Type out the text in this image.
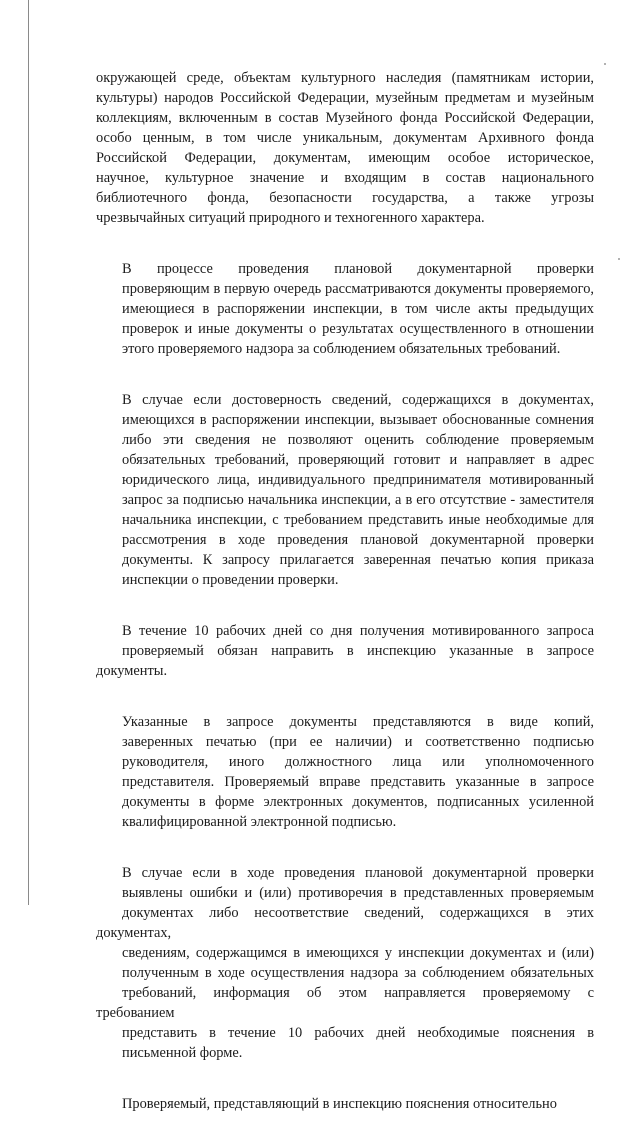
окружающей среде, объектам культурного наследия (памятникам истории,
культуры) народов Российской Федерации, музейным предметам и музейным
коллекциям, включенным в состав Музейного фонда Российской Федерации,
особо ценным, в том числе уникальным, документам Архивного фонда
Российской Федерации, документам, имеющим особое историческое,
научное, культурное значение и входящим в состав национального
библиотечного фонда, безопасности государства, а также угрозы
чрезвычайных ситуаций природного и техногенного характера.
В процессе проведения плановой документарной проверки
проверяющим в первую очередь рассматриваются документы проверяемого,
имеющиеся в распоряжении инспекции, в том числе акты предыдущих
проверок и иные документы о результатах осуществленного в отношении
этого проверяемого надзора за соблюдением обязательных требований.
В случае если достоверность сведений, содержащихся в документах,
имеющихся в распоряжении инспекции, вызывает обоснованные сомнения
либо эти сведения не позволяют оценить соблюдение проверяемым
обязательных требований, проверяющий готовит и направляет в адрес
юридического лица, индивидуального предпринимателя мотивированный
запрос за подписью начальника инспекции, а в его отсутствие - заместителя
начальника инспекции, с требованием представить иные необходимые для
рассмотрения в ходе проведения плановой документарной проверки
документы. К запросу прилагается заверенная печатью копия приказа
инспекции о проведении проверки.
В течение 10 рабочих дней со дня получения мотивированного запроса
проверяемый обязан направить в инспекцию указанные в запросе документы.
Указанные в запросе документы представляются в виде копий,
заверенных печатью (при ее наличии) и соответственно подписью
руководителя, иного должностного лица или уполномоченного
представителя. Проверяемый вправе представить указанные в запросе
документы в форме электронных документов, подписанных усиленной
квалифицированной электронной подписью.
В случае если в ходе проведения плановой документарной проверки
выявлены ошибки и (или) противоречия в представленных проверяемым
документах либо несоответствие сведений, содержащихся в этих документах,
сведениям, содержащимся в имеющихся у инспекции документах и (или)
полученным в ходе осуществления надзора за соблюдением обязательных
требований, информация об этом направляется проверяемому с требованием
представить в течение 10 рабочих дней необходимые пояснения в
письменной форме.
Проверяемый, представляющий в инспекцию пояснения относительно
